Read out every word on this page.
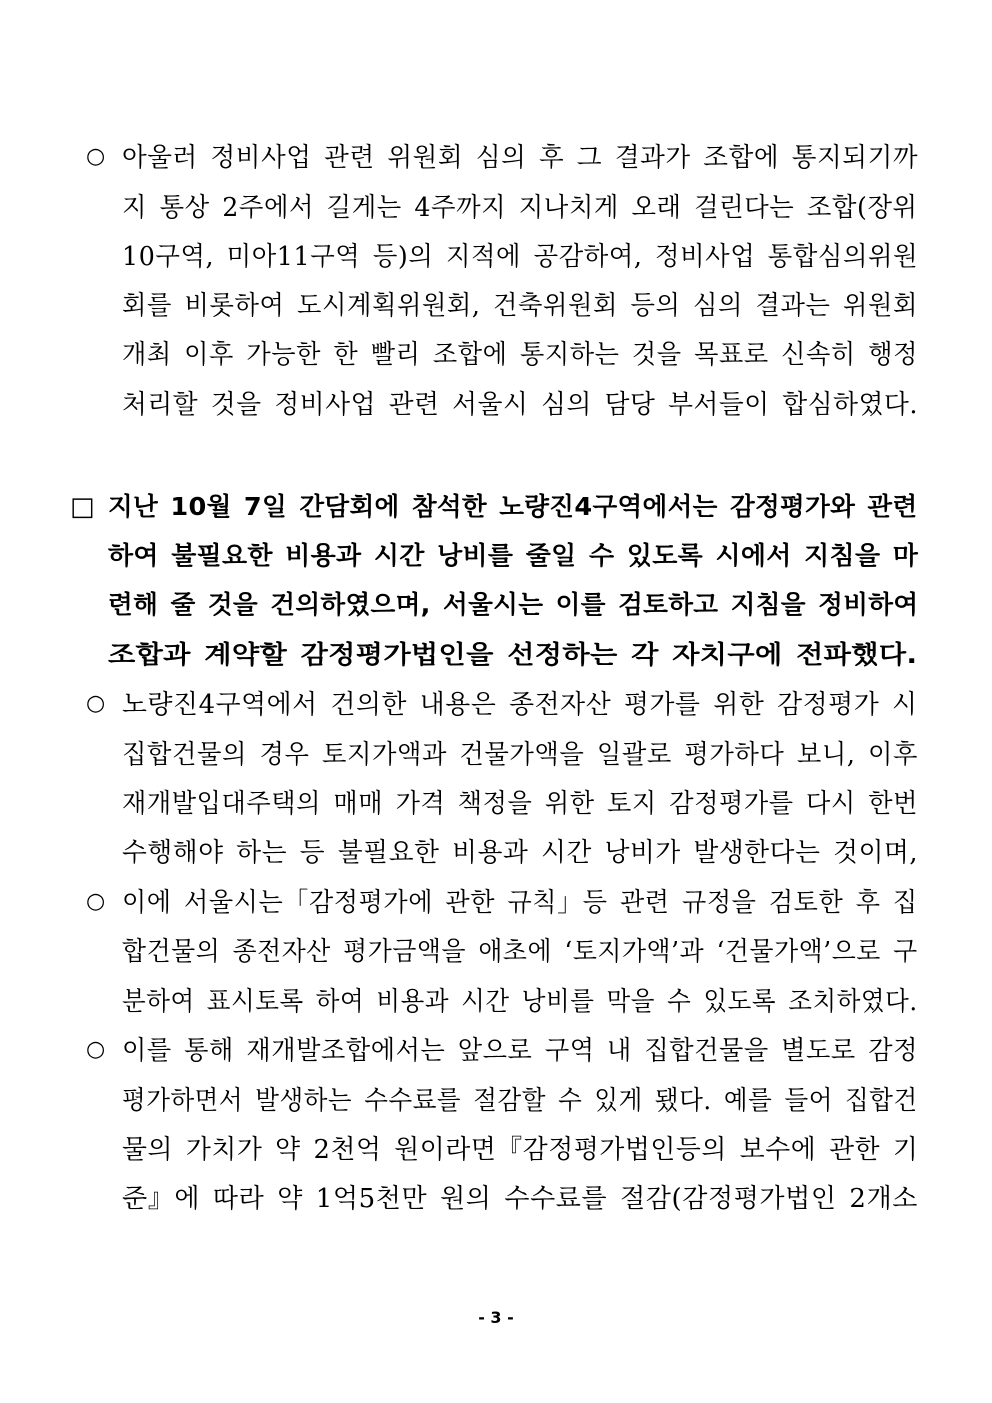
○ 아울러 정비사업 관련 위원회 심의 후 그 결과가 조합에 통지되기까
지 통상 2주에서 길게는 4주까지 지나치게 오래 걸린다는 조합(장위
10구역, 미아11구역 등)의 지적에 공감하여, 정비사업 통합심의위원
회를 비롯하여 도시계획위원회, 건축위원회 등의 심의 결과는 위원회
개최 이후 가능한 한 빨리 조합에 통지하는 것을 목표로 신속히 행정
처리할 것을 정비사업 관련 서울시 심의 담당 부서들이 합심하였다.
□ 지난 10월 7일 간담회에 참석한 노량진4구역에서는 감정평가와 관련
하여 불필요한 비용과 시간 낭비를 줄일 수 있도록 시에서 지침을 마
련해 줄 것을 건의하였으며, 서울시는 이를 검토하고 지침을 정비하여
조합과 계약할 감정평가법인을 선정하는 각 자치구에 전파했다.
○ 노량진4구역에서 건의한 내용은 종전자산 평가를 위한 감정평가 시
집합건물의 경우 토지가액과 건물가액을 일괄로 평가하다 보니, 이후
재개발입대주택의 매매 가격 책정을 위한 토지 감정평가를 다시 한번
수행해야 하는 등 불필요한 비용과 시간 낭비가 발생한다는 것이며,
○ 이에 서울시는「감정평가에 관한 규칙」등 관련 규정을 검토한 후 집
합건물의 종전자산 평가금액을 애초에 ‘토지가액’과 ‘건물가액’으로 구
분하여 표시토록 하여 비용과 시간 낭비를 막을 수 있도록 조치하였다.
○ 이를 통해 재개발조합에서는 앞으로 구역 내 집합건물을 별도로 감정
평가하면서 발생하는 수수료를 절감할 수 있게 됐다. 예를 들어 집합건
물의 가치가 약 2천억 원이라면『감정평가법인등의 보수에 관한 기
준』에 따라 약 1억5천만 원의 수수료를 절감(감정평가법인 2개소
- 3 -
